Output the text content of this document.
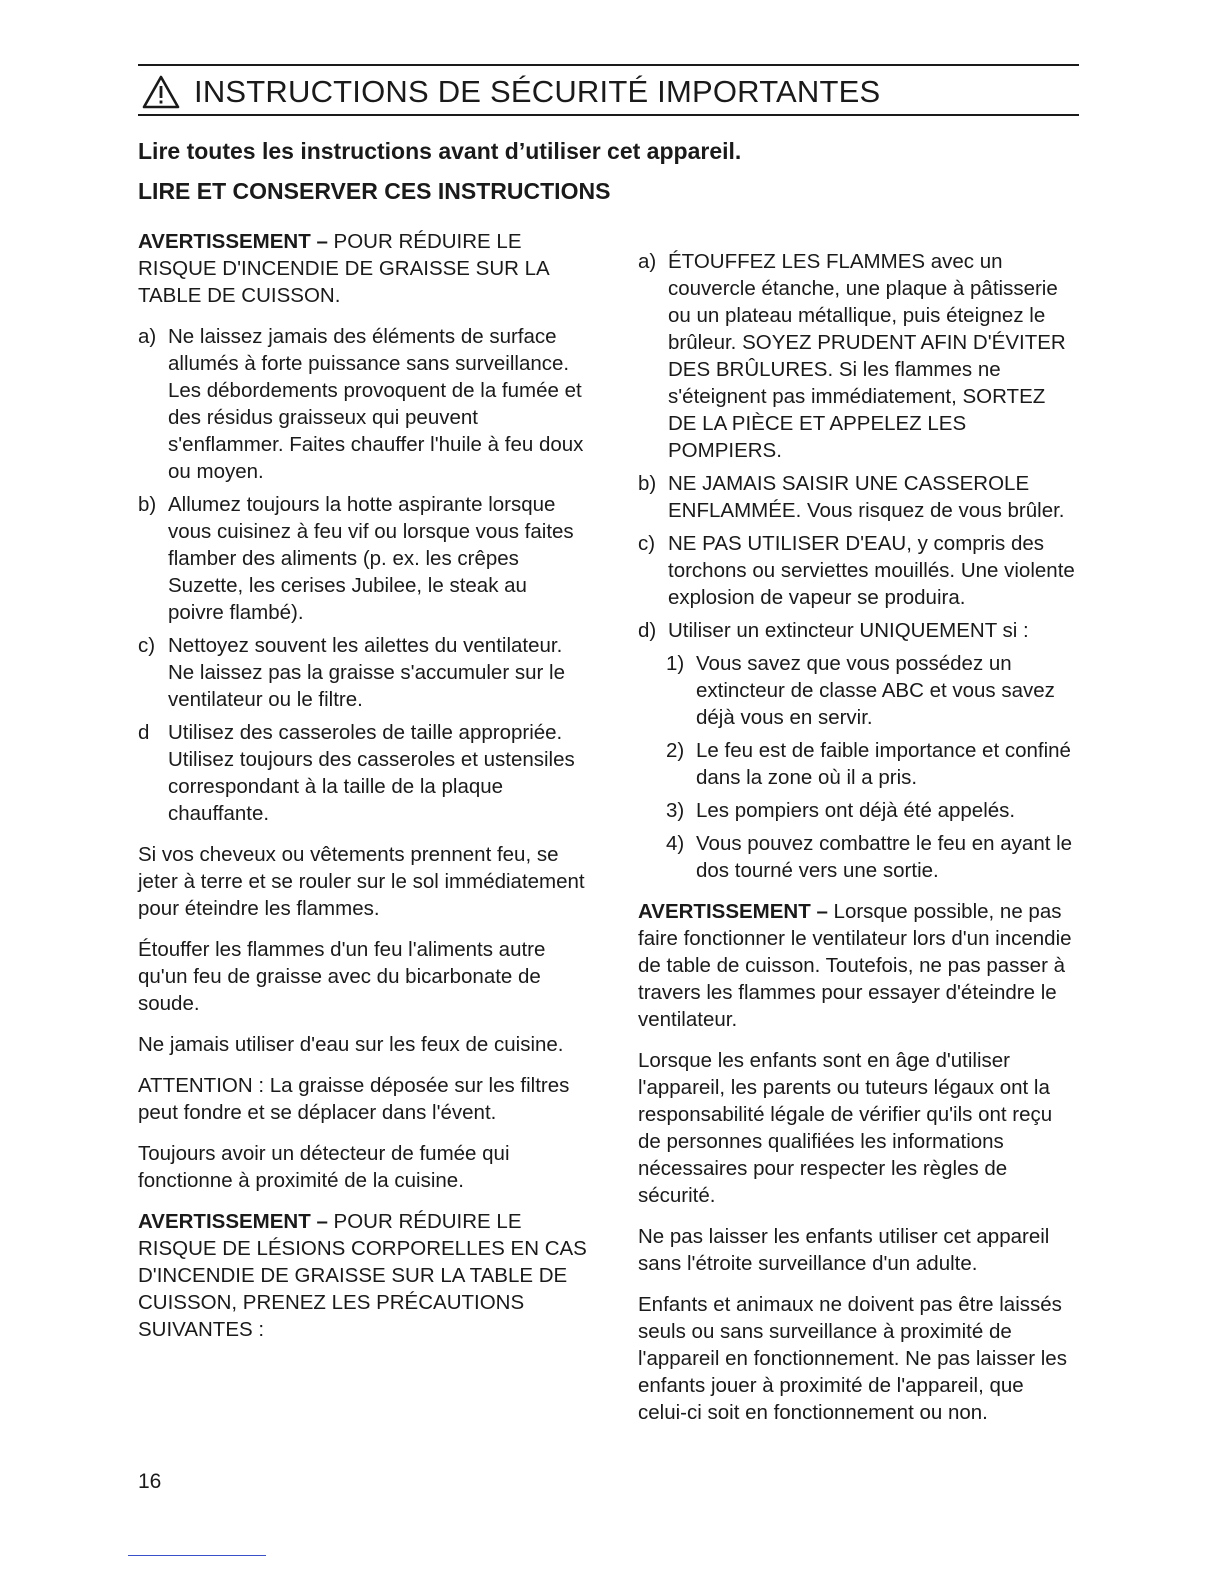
INSTRUCTIONS DE SÉCURITÉ IMPORTANTES
Lire toutes les instructions avant d’utiliser cet appareil.
LIRE ET CONSERVER CES INSTRUCTIONS

AVERTISSEMENT – POUR RÉDUIRE LE RISQUE D'INCENDIE DE GRAISSE SUR LA TABLE DE CUISSON.

a) Ne laissez jamais des éléments de surface allumés à forte puissance sans surveillance. Les débordements provoquent de la fumée et des résidus graisseux qui peuvent s'enflammer. Faites chauffer l'huile à feu doux ou moyen.
b) Allumez toujours la hotte aspirante lorsque vous cuisinez à feu vif ou lorsque vous faites flamber des aliments (p. ex. les crêpes Suzette, les cerises Jubilee, le steak au poivre flambé).
c) Nettoyez souvent les ailettes du ventilateur. Ne laissez pas la graisse s'accumuler sur le ventilateur ou le filtre.
d Utilisez des casseroles de taille appropriée. Utilisez toujours des casseroles et ustensiles correspondant à la taille de la plaque chauffante.

Si vos cheveux ou vêtements prennent feu, se jeter à terre et se rouler sur le sol immédiatement pour éteindre les flammes.

Étouffer les flammes d'un feu l'aliments autre qu'un feu de graisse avec du bicarbonate de soude.

Ne jamais utiliser d'eau sur les feux de cuisine.

ATTENTION : La graisse déposée sur les filtres peut fondre et se déplacer dans l'évent.

Toujours avoir un détecteur de fumée qui fonctionne à proximité de la cuisine.

AVERTISSEMENT – POUR RÉDUIRE LE RISQUE DE LÉSIONS CORPORELLES EN CAS D'INCENDIE DE GRAISSE SUR LA TABLE DE CUISSON, PRENEZ LES PRÉCAUTIONS SUIVANTES :

a) ÉTOUFFEZ LES FLAMMES avec un couvercle étanche, une plaque à pâtisserie ou un plateau métallique, puis éteignez le brûleur. SOYEZ PRUDENT AFIN D'ÉVITER DES BRÛLURES. Si les flammes ne s'éteignent pas immédiatement, SORTEZ DE LA PIÈCE ET APPELEZ LES POMPIERS.
b) NE JAMAIS SAISIR UNE CASSEROLE ENFLAMMÉE. Vous risquez de vous brûler.
c) NE PAS UTILISER D'EAU, y compris des torchons ou serviettes mouillés. Une violente explosion de vapeur se produira.
d) Utiliser un extincteur UNIQUEMENT si :
1) Vous savez que vous possédez un extincteur de classe ABC et vous savez déjà vous en servir.
2) Le feu est de faible importance et confiné dans la zone où il a pris.
3) Les pompiers ont déjà été appelés.
4) Vous pouvez combattre le feu en ayant le dos tourné vers une sortie.

AVERTISSEMENT – Lorsque possible, ne pas faire fonctionner le ventilateur lors d'un incendie de table de cuisson. Toutefois, ne pas passer à travers les flammes pour essayer d'éteindre le ventilateur.

Lorsque les enfants sont en âge d'utiliser l'appareil, les parents ou tuteurs légaux ont la responsabilité légale de vérifier qu'ils ont reçu de personnes qualifiées les informations nécessaires pour respecter les règles de sécurité.

Ne pas laisser les enfants utiliser cet appareil sans l'étroite surveillance d'un adulte.

Enfants et animaux ne doivent pas être laissés seuls ou sans surveillance à proximité de l'appareil en fonctionnement. Ne pas laisser les enfants jouer à proximité de l'appareil, que celui-ci soit en fonctionnement ou non.

16
